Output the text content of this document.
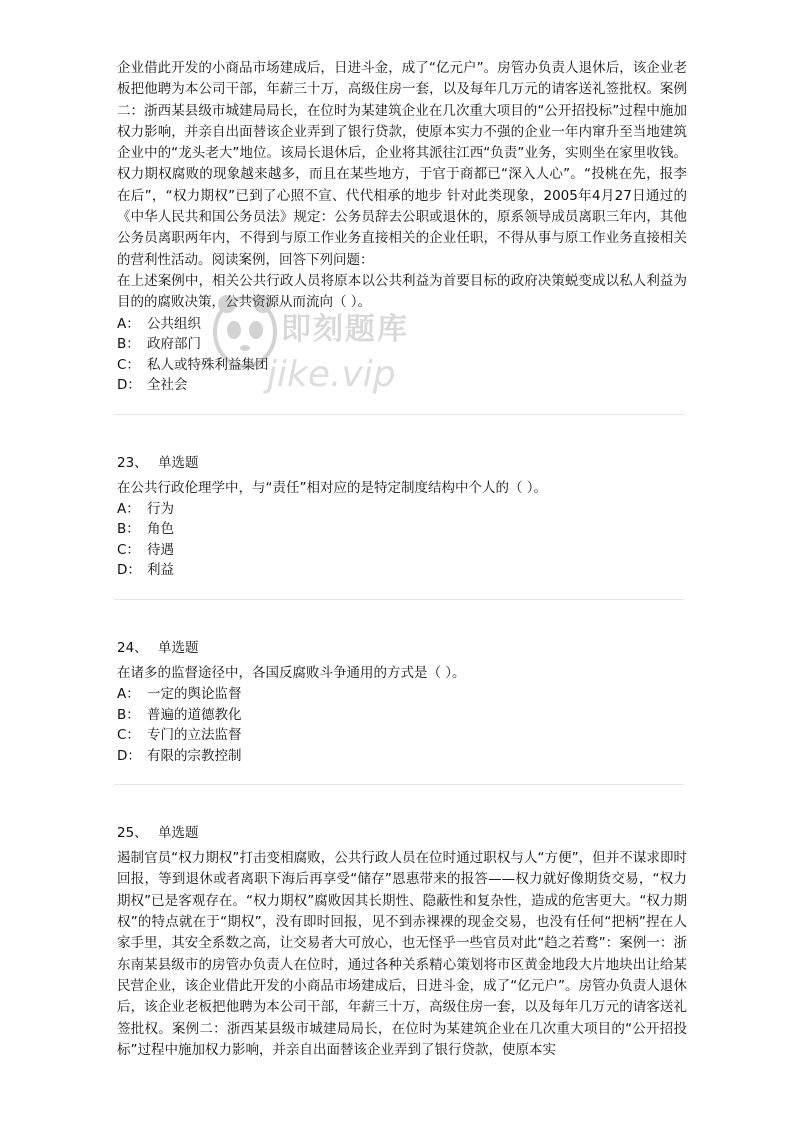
企业借此开发的小商品市场建成后，日进斗金，成了“亿元户”。房管办负责人退休后，该企业老板把他聘为本公司干部，年薪三十万，高级住房一套，以及每年几万元的请客送礼签批权。案例二：浙西某县级市城建局局长，在位时为某建筑企业在几次重大项目的“公开招投标”过程中施加权力影响，并亲自出面替该企业弄到了银行贷款，使原本实力不强的企业一年内窜升至当地建筑企业中的“龙头老大”地位。该局长退休后，企业将其派往江西“负责”业务，实则坐在家里收钱。权力期权腐败的现象越来越多，而且在某些地方，于官于商都已“深入人心”。“投桃在先，报李在后”，“权力期权”已到了心照不宣、代代相承的地步 针对此类现象，2005年4月27日通过的《中华人民共和国公务员法》规定：公务员辞去公职或退休的，原系领导成员离职三年内，其他公务员离职两年内，不得到与原工作业务直接相关的企业任职，不得从事与原工作业务直接相关的营利性活动。阅读案例，回答下列问题：

在上述案例中，相关公共行政人员将原本以公共利益为首要目标的政府决策蜕变成以私人利益为目的的腐败决策，公共资源从而流向（ ）。

A： 公共组织
B： 政府部门
C： 私人或特殊利益集团
D： 全社会
23、 单选题

在公共行政伦理学中，与“责任”相对应的是特定制度结构中个人的（ ）。

A： 行为
B： 角色
C： 待遇
D： 利益
24、 单选题

在诸多的监督途径中，各国反腐败斗争通用的方式是（ ）。

A： 一定的舆论监督
B： 普遍的道德教化
C： 专门的立法监督
D： 有限的宗教控制
25、 单选题

遏制官员“权力期权”打击变相腐败，公共行政人员在位时通过职权与人“方便”，但并不谋求即时回报，等到退休或者离职下海后再享受“储存”恩惠带来的报答——权力就好像期货交易，“权力期权”已是客观存在。“权力期权”腐败因其长期性、隐蔽性和复杂性，造成的危害更大。“权力期权”的特点就在于“期权”，没有即时回报，见不到赤裸裸的现金交易，也没有任何“把柄”捏在人家手里，其安全系数之高，让交易者大可放心，也无怪乎一些官员对此“趋之若鹜”：案例一：浙东南某县级市的房管办负责人在位时，通过各种关系精心策划将市区黄金地段大片地块出让给某民营企业，该企业借此开发的小商品市场建成后，日进斗金，成了“亿元户”。房管办负责人退休后，该企业老板把他聘为本公司干部，年薪三十万，高级住房一套，以及每年几万元的请客送礼签批权。案例二：浙西某县级市城建局局长，在位时为某建筑企业在几次重大项目的“公开招投标”过程中施加权力影响，并亲自出面替该企业弄到了银行贷款，使原本实

即刻题库
jike.vip
